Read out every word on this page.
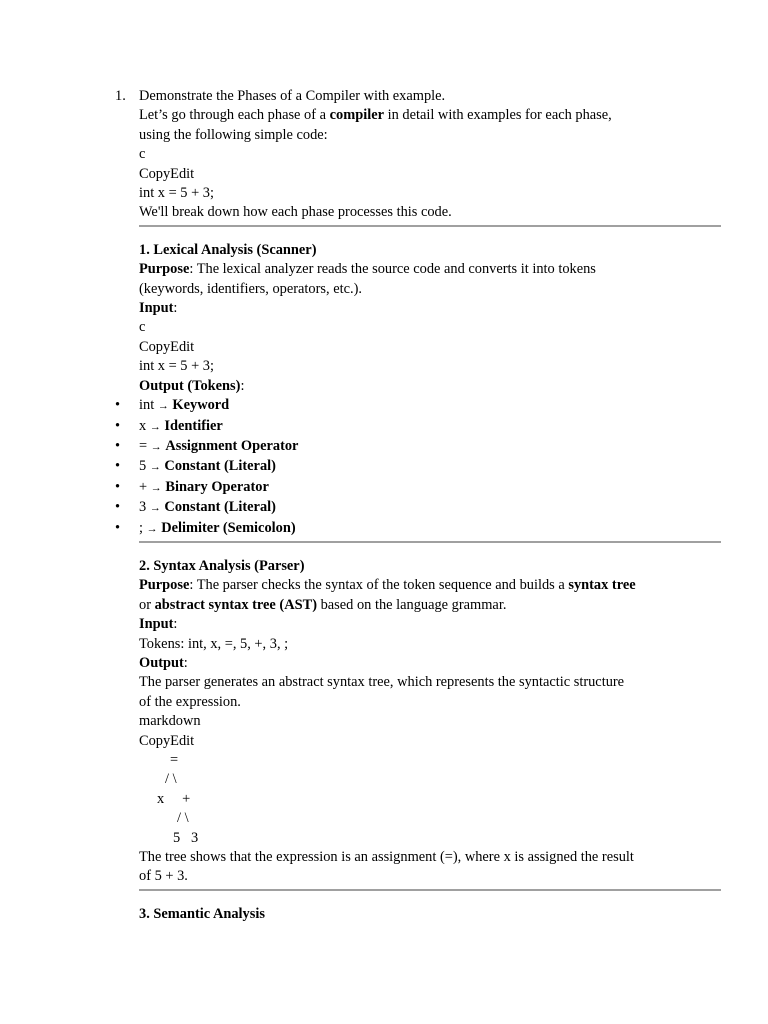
1. Demonstrate the Phases of a Compiler with example.
Let’s go through each phase of a compiler in detail with examples for each phase,
using the following simple code:
c
CopyEdit
int x = 5 + 3;
We'll break down how each phase processes this code.
1. Lexical Analysis (Scanner)
Purpose: The lexical analyzer reads the source code and converts it into tokens
(keywords, identifiers, operators, etc.).
Input:
c
CopyEdit
int x = 5 + 3;
Output (Tokens):
• int → Keyword
• x → Identifier
• = → Assignment Operator
• 5 → Constant (Literal)
• + → Binary Operator
• 3 → Constant (Literal)
• ; → Delimiter (Semicolon)
2. Syntax Analysis (Parser)
Purpose: The parser checks the syntax of the token sequence and builds a syntax tree
or abstract syntax tree (AST) based on the language grammar.
Input:
Tokens: int, x, =, 5, +, 3, ;
Output:
The parser generates an abstract syntax tree, which represents the syntactic structure
of the expression.
markdown
CopyEdit
=
/ \
x     +
/ \
5   3
The tree shows that the expression is an assignment (=), where x is assigned the result
of 5 + 3.
3. Semantic Analysis
